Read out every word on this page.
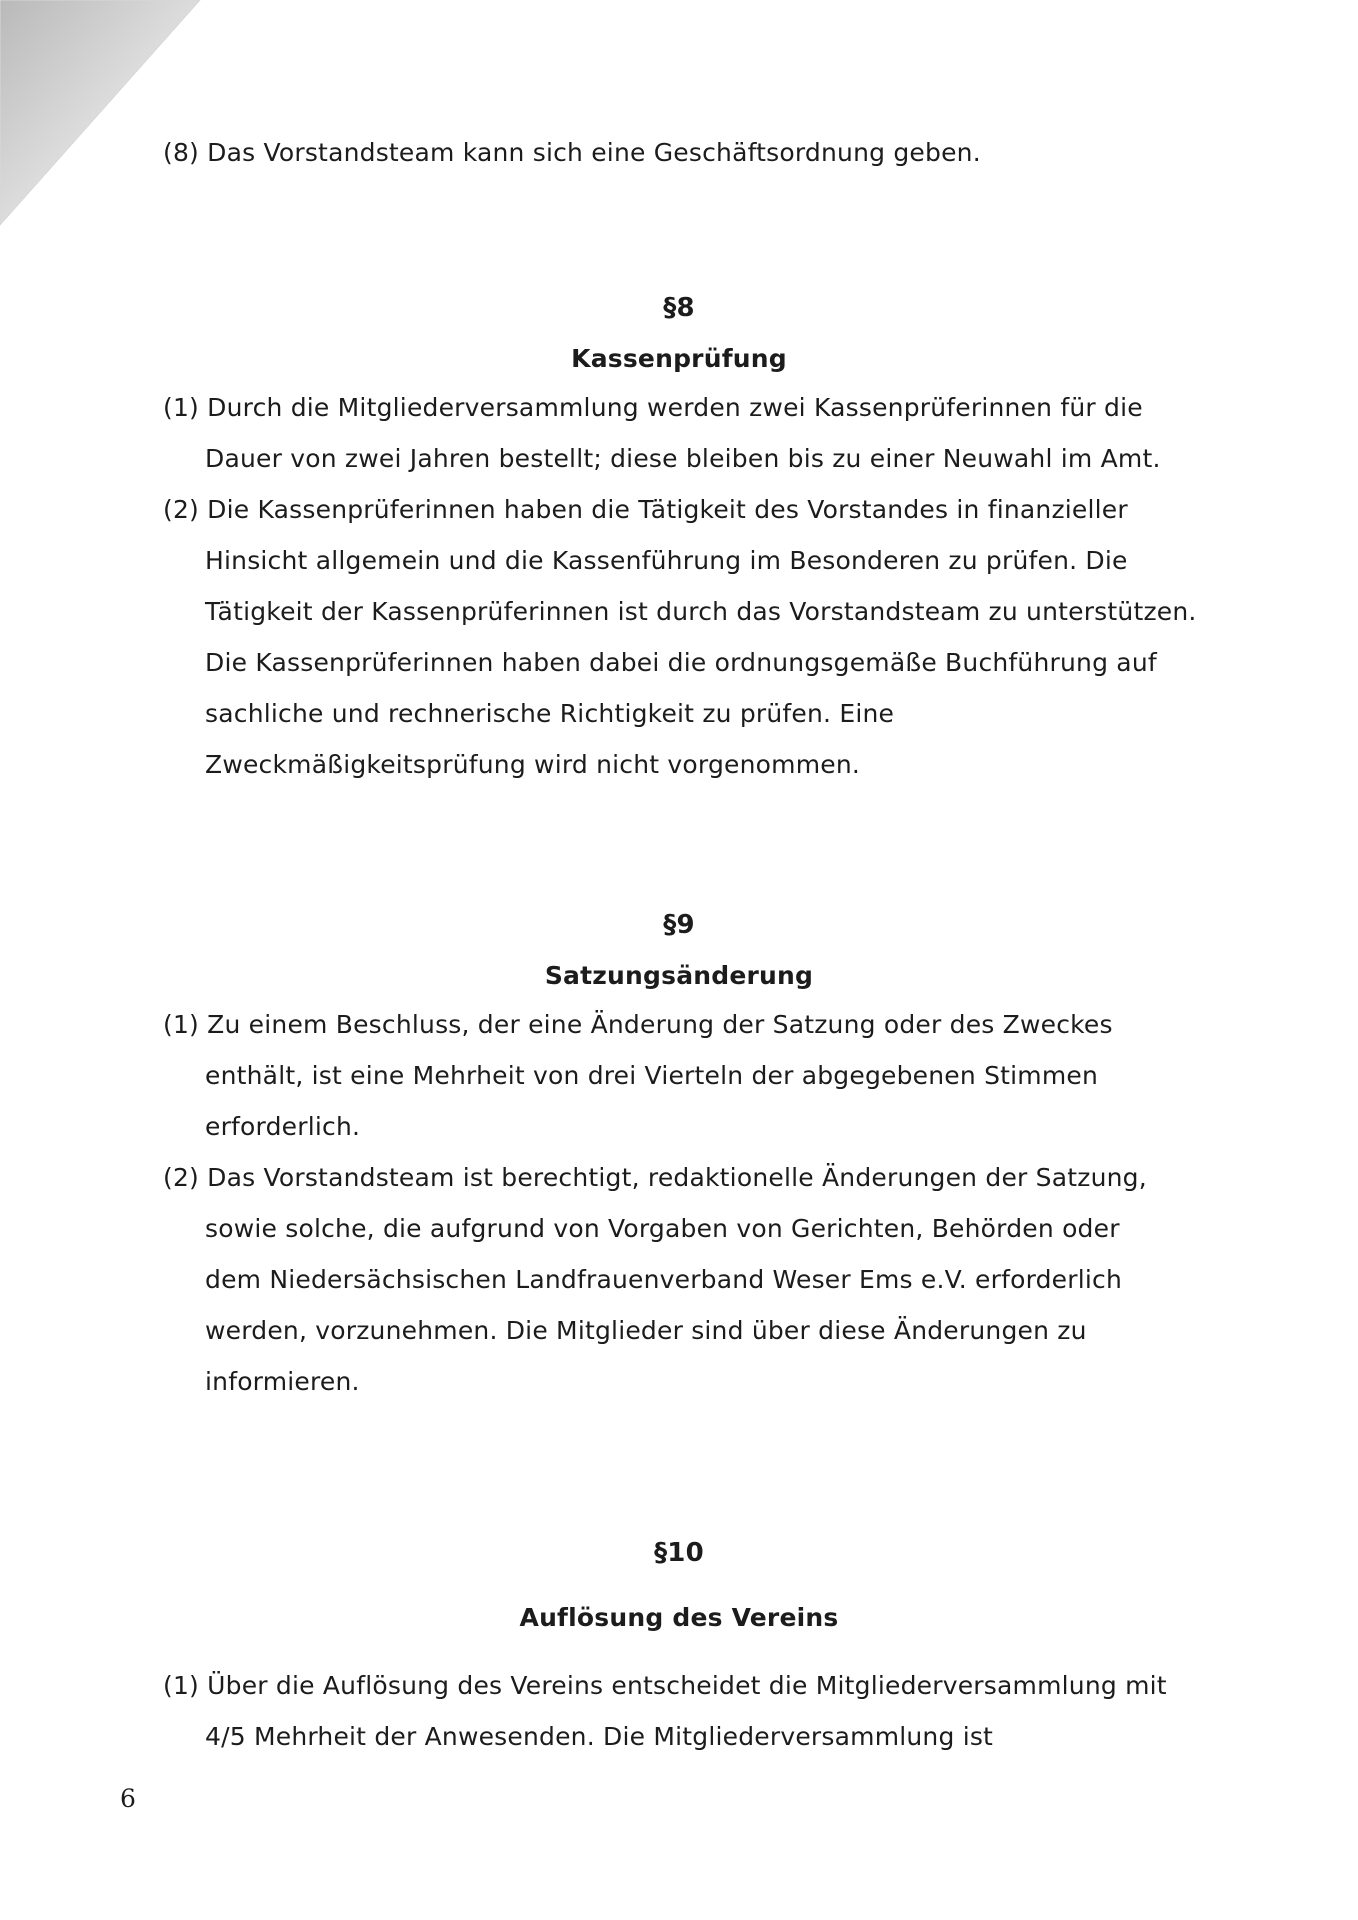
(8) Das Vorstandsteam kann sich eine Geschäftsordnung geben.
§8
Kassenprüfung
(1) Durch die Mitgliederversammlung werden zwei Kassenprüferinnen für die
Dauer von zwei Jahren bestellt; diese bleiben bis zu einer Neuwahl im Amt.
(2) Die Kassenprüferinnen haben die Tätigkeit des Vorstandes in finanzieller
Hinsicht allgemein und die Kassenführung im Besonderen zu prüfen. Die
Tätigkeit der Kassenprüferinnen ist durch das Vorstandsteam zu unterstützen.
Die Kassenprüferinnen haben dabei die ordnungsgemäße Buchführung auf
sachliche und rechnerische Richtigkeit zu prüfen. Eine
Zweckmäßigkeitsprüfung wird nicht vorgenommen.
§9
Satzungsänderung
(1) Zu einem Beschluss, der eine Änderung der Satzung oder des Zweckes
enthält, ist eine Mehrheit von drei Vierteln der abgegebenen Stimmen
erforderlich.
(2) Das Vorstandsteam ist berechtigt, redaktionelle Änderungen der Satzung,
sowie solche, die aufgrund von Vorgaben von Gerichten, Behörden oder
dem Niedersächsischen Landfrauenverband Weser Ems e.V. erforderlich
werden, vorzunehmen. Die Mitglieder sind über diese Änderungen zu
informieren.
§10
Auflösung des Vereins
(1) Über die Auflösung des Vereins entscheidet die Mitgliederversammlung mit
4/5 Mehrheit der Anwesenden. Die Mitgliederversammlung ist
6
